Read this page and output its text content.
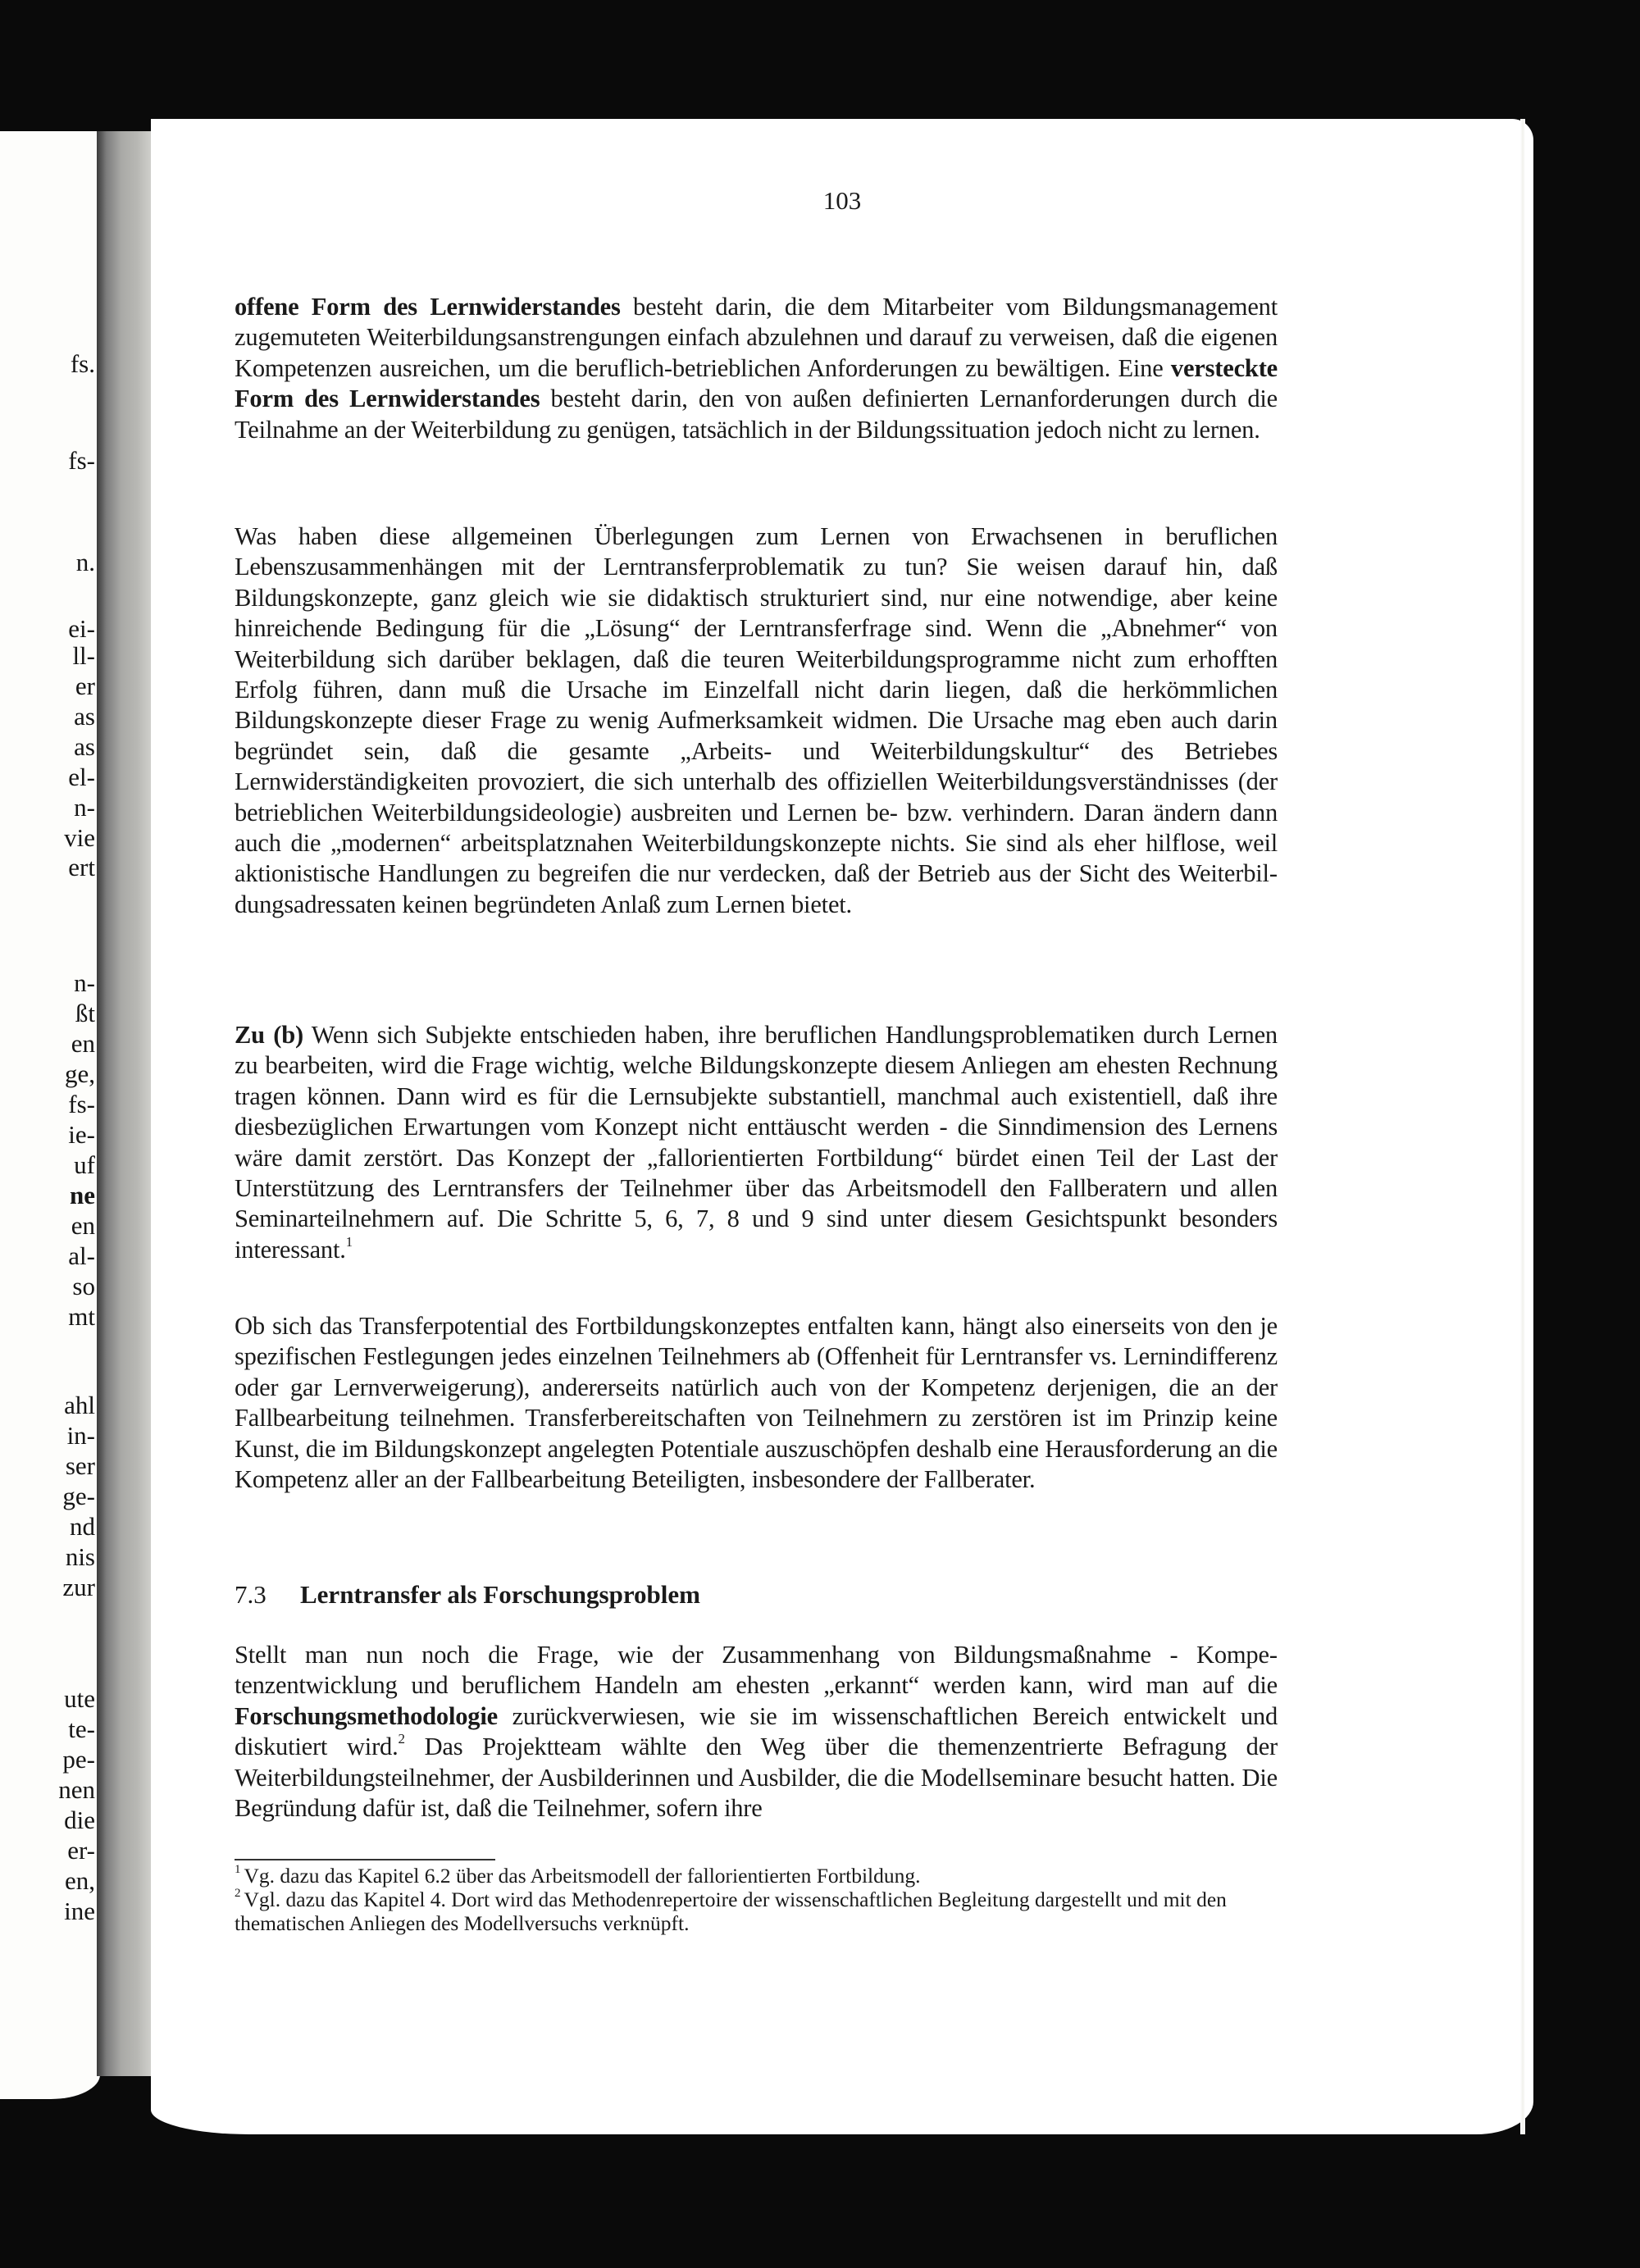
fs.
fs-
n.
ei-
ll-
er
as
as
el-
n-
vie
ert
n-
ßt
en
ge,
fs-
ie-
uf
ne
en
al-
so
mt
ahl
in-
ser
ge-
nd
nis
zur
ute
te-
pe-
nen
die
er-
en,
ine
103

offene Form des Lernwiderstandes besteht darin, die dem Mitarbeiter vom Bildungsmanagement zugemuteten Weiterbildungsanstrengungen einfach abzulehnen und darauf zu verweisen, daß die eigenen Kompetenzen ausreichen, um die beruflich-betrieblichen Anforderungen zu bewältigen. Eine versteckte Form des Lernwiderstandes besteht darin, den von außen definierten Lernanforderungen durch die Teilnahme an der Weiterbildung zu genügen, tatsächlich in der Bildungssituation jedoch nicht zu lernen.

Was haben diese allgemeinen Überlegungen zum Lernen von Erwachsenen in beruflichen Lebenszusammenhängen mit der Lerntransferproblematik zu tun? Sie weisen darauf hin, daß Bildungskonzepte, ganz gleich wie sie didaktisch strukturiert sind, nur eine notwendige, aber keine hinreichende Bedingung für die „Lösung“ der Lerntransferfrage sind. Wenn die „Abnehmer“ von Weiterbildung sich darüber beklagen, daß die teuren Weiterbildungsprogramme nicht zum erhofften Erfolg führen, dann muß die Ursache im Einzelfall nicht darin liegen, daß die herkömmlichen Bildungskonzepte dieser Frage zu wenig Aufmerksamkeit widmen. Die Ursache mag eben auch darin begründet sein, daß die gesamte „Arbeits- und Weiterbildungskultur“ des Betriebes Lernwiderständigkeiten provoziert, die sich unterhalb des offiziellen Weiterbildungsverständnisses (der betrieblichen Weiterbildungsideologie) ausbreiten und Lernen be- bzw. verhindern. Daran ändern dann auch die „modernen“ arbeitsplatznahen Weiterbildungskonzepte nichts. Sie sind als eher hilflose, weil aktionistische Handlungen zu begreifen die nur verdecken, daß der Betrieb aus der Sicht des Weiterbildungsadressaten keinen begründeten Anlaß zum Lernen bietet.

Zu (b) Wenn sich Subjekte entschieden haben, ihre beruflichen Handlungsproblematiken durch Lernen zu bearbeiten, wird die Frage wichtig, welche Bildungskonzepte diesem Anliegen am ehesten Rechnung tragen können. Dann wird es für die Lernsubjekte substantiell, manchmal auch existentiell, daß ihre diesbezüglichen Erwartungen vom Konzept nicht enttäuscht werden - die Sinndimension des Lernens wäre damit zerstört. Das Konzept der „fallorientierten Fortbildung“ bürdet einen Teil der Last der Unterstützung des Lerntransfers der Teilnehmer über das Arbeitsmodell den Fallberatern und allen Seminarteilnehmern auf. Die Schritte 5, 6, 7, 8 und 9 sind unter diesem Gesichtspunkt besonders interessant.$^1$

Ob sich das Transferpotential des Fortbildungskonzeptes entfalten kann, hängt also einerseits von den je spezifischen Festlegungen jedes einzelnen Teilnehmers ab (Offenheit für Lerntransfer vs. Lernindifferenz oder gar Lernverweigerung), andererseits natürlich auch von der Kompetenz derjenigen, die an der Fallbearbeitung teilnehmen. Transferbereitschaften von Teilnehmern zu zerstören ist im Prinzip keine Kunst, die im Bildungskonzept angelegten Potentiale auszuschöpfen deshalb eine Herausforderung an die Kompetenz aller an der Fallbearbeitung Beteiligten, insbesondere der Fallberater.

7.3 Lerntransfer als Forschungsproblem

Stellt man nun noch die Frage, wie der Zusammenhang von Bildungsmaßnahme - Kompetenzentwicklung und beruflichem Handeln am ehesten „erkannt“ werden kann, wird man auf die Forschungsmethodologie zurückverwiesen, wie sie im wissenschaftlichen Bereich entwickelt und diskutiert wird.$^2$ Das Projektteam wählte den Weg über die themenzentrierte Befragung der Weiterbildungsteilnehmer, der Ausbilderinnen und Ausbilder, die die Modellseminare besucht hatten. Die Begründung dafür ist, daß die Teilnehmer, sofern ihre

$^1$ Vg. dazu das Kapitel 6.2 über das Arbeitsmodell der fallorientierten Fortbildung.

$^2$ Vgl. dazu das Kapitel 4. Dort wird das Methodenrepertoire der wissenschaftlichen Begleitung dargestellt und mit den thematischen Anliegen des Modellversuchs verknüpft.
